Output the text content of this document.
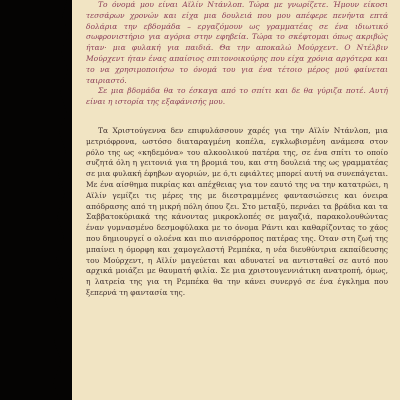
Το όνομά μου είναι Αϊλίν Ντάνλοπ. Τώρα με γνωρίζετε. Ήμουν είκοσι τεσσάρων χρονών και είχα μια δουλειά που μου απέφερε πενήντα επτά δολάρια την εβδομάδα – εργαζόμουν ως γραμματέας σε ένα ιδιωτικό σωφρονιστήριο για αγόρια στην εφηβεία. Τώρα το σκέφτομαι όπως ακριβώς ήταν· μια φυλακή για παιδιά. Θα την αποκαλώ Μούρχεντ. Ο Ντέλβιν Μούρχεντ ήταν ένας απαίσιος σπιτονοικούρης που είχα χρόνια αργότερα και το να χρησιμοποιήσω το όνομά του για ένα τέτοιο μέρος μού φαίνεται ταιριαστό.

Σε μια βδομάδα θα το έσκαγα από το σπίτι και δε θα γύριζα ποτέ. Αυτή είναι η ιστορία της εξαφάνισής μου.

Τα Χριστούγεννα δεν επιφυλάσσουν χαρές για την Αϊλίν Ντάνλοπ, μια μετριόφρονα, ωστόσο διαταραγμένη κοπέλα, εγκλωβισμένη ανάμεσα στον ρόλο της ως «κηδεμόνα» του αλκοολικού πατέρα της, σε ένα σπίτι το οποίο συζητά όλη η γειτονιά για τη βρομιά του, και στη δουλειά της ως γραμματέας σε μια φυλακή έφηβων αγοριών, με ό,τι εφιάλτες μπορεί αυτή να συνεπάγεται. Με ένα αίσθημα πικρίας και απέχθειας για τον εαυτό της να την κατατρώει, η Αϊλίν γεμίζει τις μέρες της με διεστραμμένες φαντασιώσεις και όνειρα απόδρασης από τη μικρή πόλη όπου ζει. Στο μεταξύ, περνάει τα βράδια και τα Σαββατοκύριακά της κάνοντας μικροκλοπές σε μαγαζιά, παρακολουθώντας έναν γυμνασμένο δεσμοφύλακα με το όνομα Ράντι και καθαρίζοντας το χάος που δημιουργεί ο ολοένα και πιο ανισόρροπος πατέρας της. Όταν στη ζωή της μπαίνει η όμορφη και χαμογελαστή Ρεμπέκα, η νέα διευθύντρια εκπαίδευσης του Μούρχεντ, η Αϊλίν μαγεύεται και αδυνατεί να αντισταθεί σε αυτό που αρχικά μοιάζει με θαυματή φιλία. Σε μια χριστουγεννιάτικη ανατροπή, όμως, η λατρεία της για τη Ρεμπέκα θα την κάνει συνεργό σε ένα έγκλημα που ξεπερνά τη φαντασία της.
